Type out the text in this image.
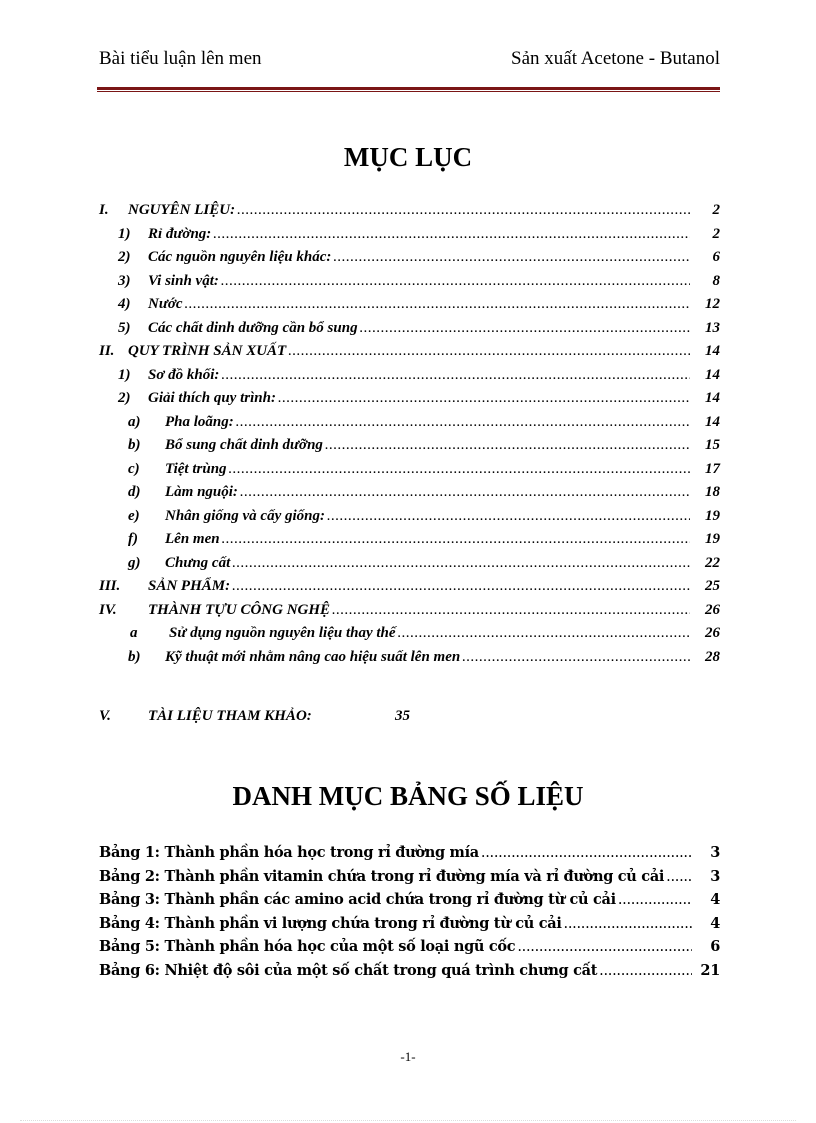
Bài tiểu luận lên men	Sản xuất Acetone - Butanol
MỤC LỤC
I. NGUYÊN LIỆU: .....	2
1) Rỉ đường: .....	2
2) Các nguồn nguyên liệu khác: .....	6
3) Vi sinh vật: .....	8
4) Nước .....	12
5) Các chất dinh dưỡng cần bổ sung .....	13
II. QUY TRÌNH SẢN XUẤT .....	14
1) Sơ đồ khối: .....	14
2) Giải thích quy trình: .....	14
a) Pha loãng: .....	14
b) Bổ sung chất dinh dưỡng .....	15
c) Tiệt trùng .....	17
d) Làm nguội: .....	18
e) Nhân giống và cấy giống: .....	19
f) Lên men .....	19
g) Chưng cất .....	22
III. SẢN PHẨM: .....	25
IV. THÀNH TỰU CÔNG NGHỆ .....	26
a Sử dụng nguồn nguyên liệu thay thế .....	26
b) Kỹ thuật mới nhằm nâng cao hiệu suất lên men .....	28
V. TÀI LIỆU THAM KHẢO:	35
DANH MỤC BẢNG SỐ LIỆU
Bảng 1: Thành phần hóa học trong rỉ đường mía .....	3
Bảng 2: Thành phần vitamin chứa trong rỉ đường mía và rỉ đường củ cải .....	3
Bảng 3: Thành phần các amino acid chứa trong rỉ đường từ củ cải .....	4
Bảng 4: Thành phần vi lượng chứa trong rỉ đường từ củ cải .....	4
Bảng 5: Thành phần hóa học của một số loại ngũ cốc .....	6
Bảng 6: Nhiệt độ sôi của một số chất trong quá trình chưng cất .....	21
-1-
